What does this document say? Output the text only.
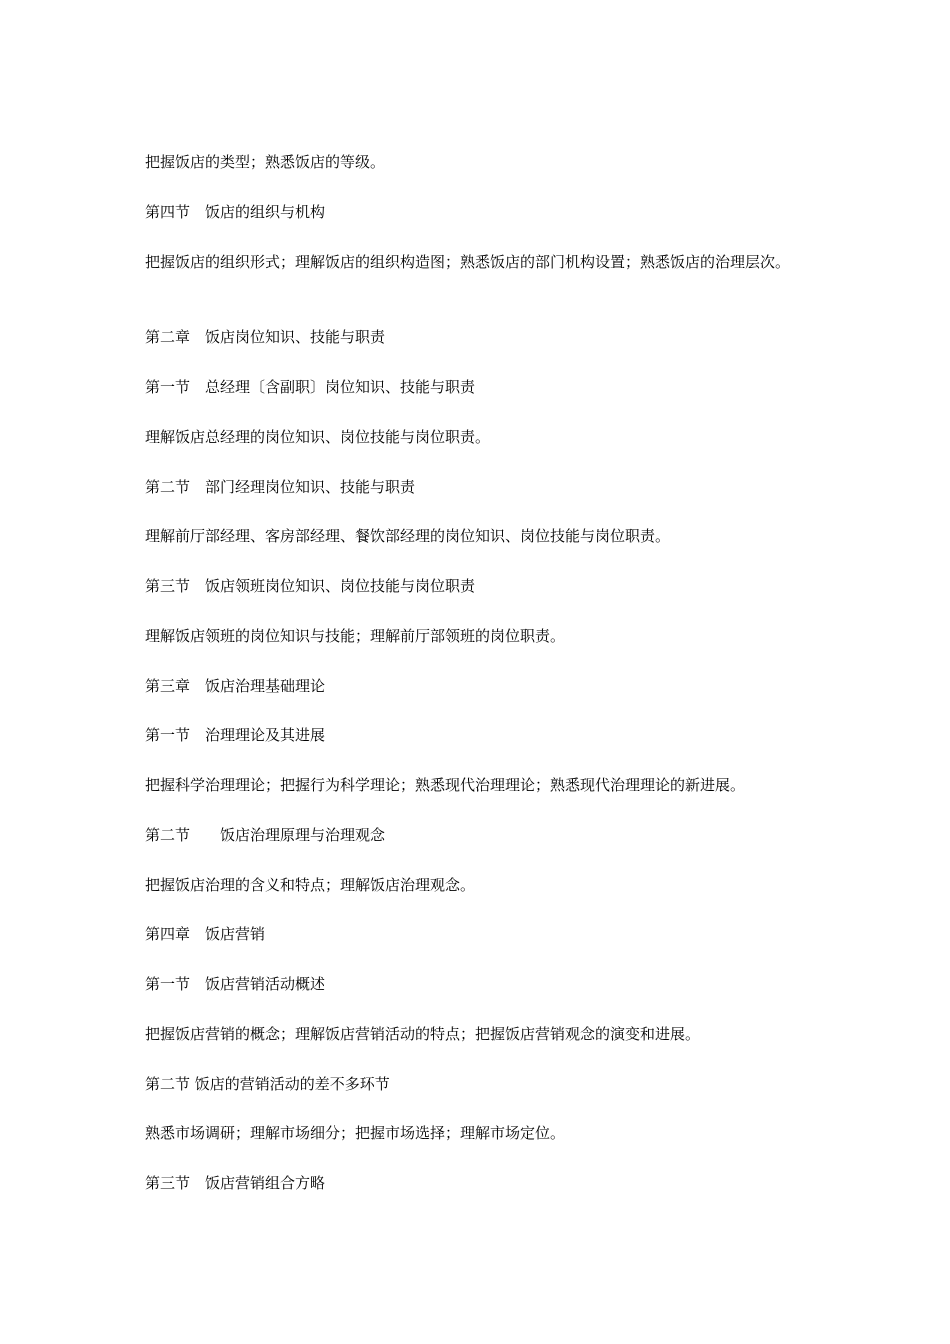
把握饭店的类型；熟悉饭店的等级。
第四节　饭店的组织与机构
把握饭店的组织形式；理解饭店的组织构造图；熟悉饭店的部门机构设置；熟悉饭店的治理层次。
第二章　饭店岗位知识、技能与职责
第一节　总经理〔含副职〕岗位知识、技能与职责
理解饭店总经理的岗位知识、岗位技能与岗位职责。
第二节　部门经理岗位知识、技能与职责
理解前厅部经理、客房部经理、餐饮部经理的岗位知识、岗位技能与岗位职责。
第三节　饭店领班岗位知识、岗位技能与岗位职责
理解饭店领班的岗位知识与技能；理解前厅部领班的岗位职责。
第三章　饭店治理基础理论
第一节　治理理论及其进展
把握科学治理理论；把握行为科学理论；熟悉现代治理理论；熟悉现代治理理论的新进展。
第二节　　饭店治理原理与治理观念
把握饭店治理的含义和特点；理解饭店治理观念。
第四章　饭店营销
第一节　饭店营销活动概述
把握饭店营销的概念；理解饭店营销活动的特点；把握饭店营销观念的演变和进展。
第二节 饭店的营销活动的差不多环节
熟悉市场调研；理解市场细分；把握市场选择；理解市场定位。
第三节　饭店营销组合方略
